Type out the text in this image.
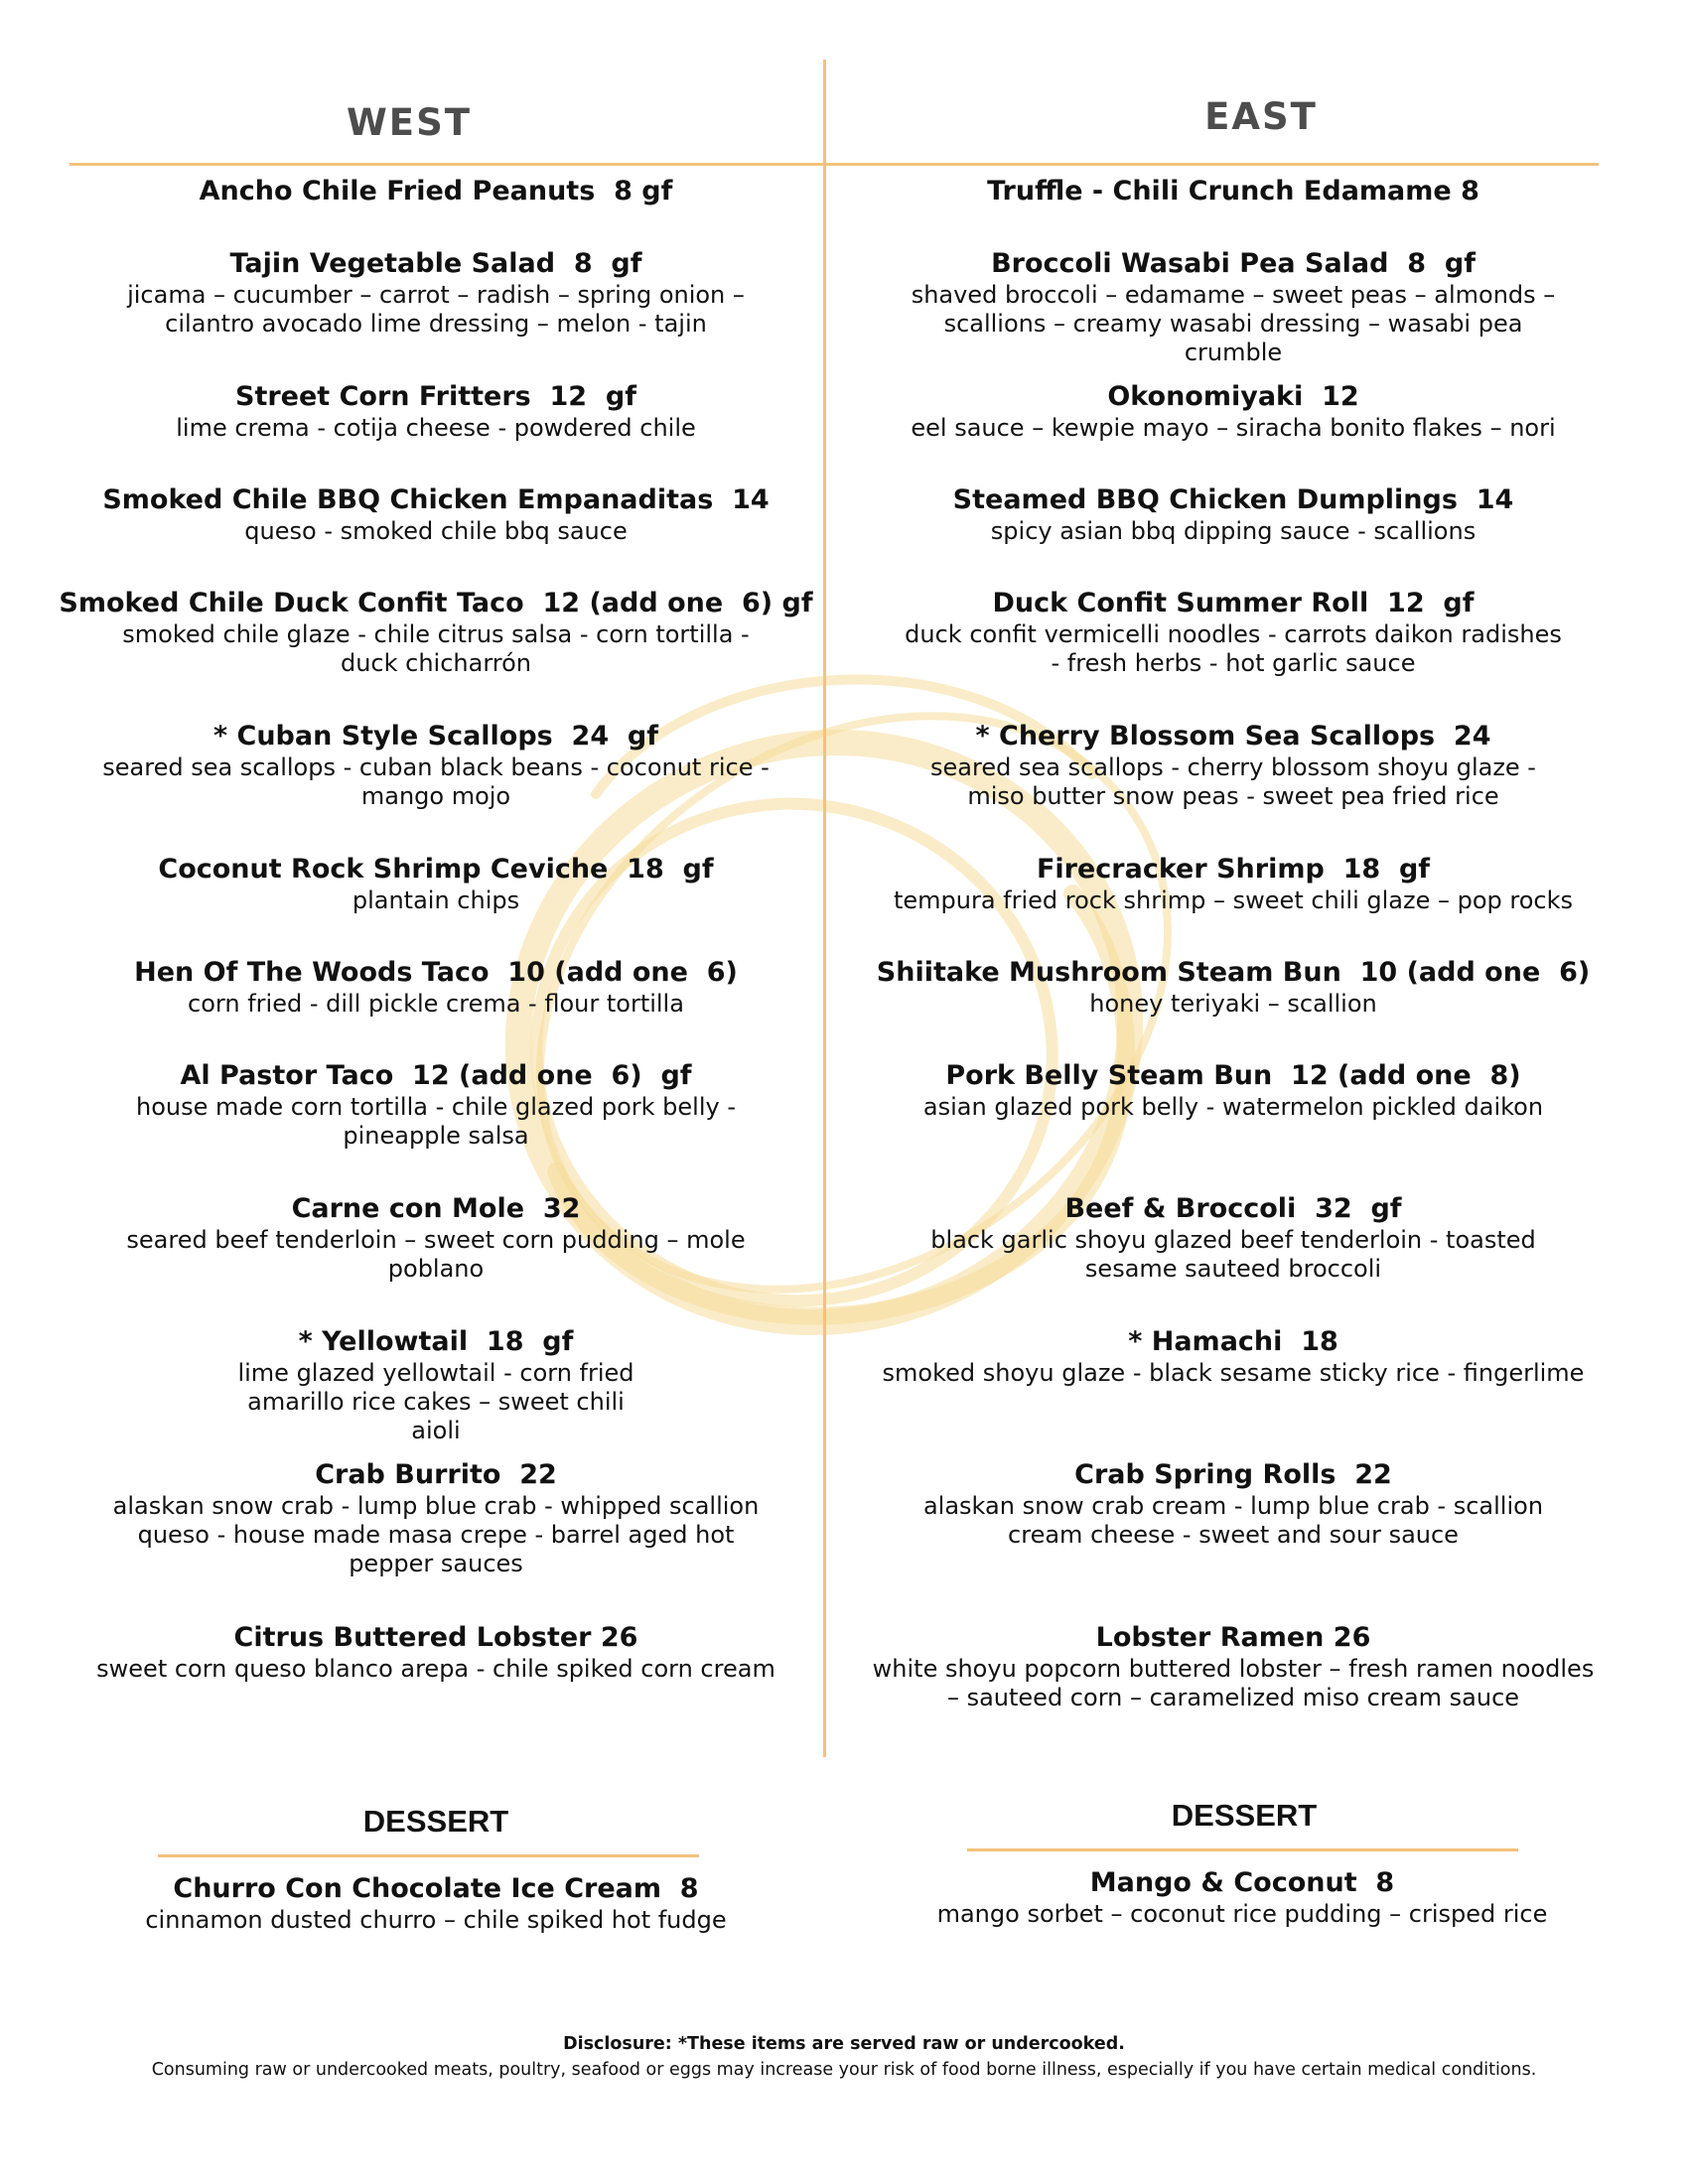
WEST	EAST
Ancho Chile Fried Peanuts  8 gf
Tajin Vegetable Salad  8  gf
jicama – cucumber – carrot – radish – spring onion – cilantro avocado lime dressing – melon - tajin
Street Corn Fritters  12  gf
lime crema - cotija cheese - powdered chile
Smoked Chile BBQ Chicken Empanaditas  14
queso - smoked chile bbq sauce
Smoked Chile Duck Confit Taco  12 (add one  6) gf
smoked chile glaze - chile citrus salsa - corn tortilla - duck chicharrón
* Cuban Style Scallops  24  gf
seared sea scallops - cuban black beans - coconut rice - mango mojo
Coconut Rock Shrimp Ceviche  18  gf
plantain chips
Hen Of The Woods Taco  10 (add one  6)
corn fried - dill pickle crema - flour tortilla
Al Pastor Taco  12 (add one  6)  gf
house made corn tortilla - chile glazed pork belly - pineapple salsa
Carne con Mole  32
seared beef tenderloin – sweet corn pudding – mole poblano
* Yellowtail  18  gf
lime glazed yellowtail - corn fried amarillo rice cakes – sweet chili aioli
Crab Burrito  22
alaskan snow crab - lump blue crab - whipped scallion queso - house made masa crepe - barrel aged hot pepper sauces
Citrus Buttered Lobster 26
sweet corn queso blanco arepa - chile spiked corn cream
Truffle - Chili Crunch Edamame 8
Broccoli Wasabi Pea Salad  8  gf
shaved broccoli – edamame – sweet peas – almonds – scallions – creamy wasabi dressing – wasabi pea crumble
Okonomiyaki  12
eel sauce – kewpie mayo – siracha bonito flakes – nori
Steamed BBQ Chicken Dumplings  14
spicy asian bbq dipping sauce - scallions
Duck Confit Summer Roll  12  gf
duck confit vermicelli noodles - carrots daikon radishes - fresh herbs - hot garlic sauce
* Cherry Blossom Sea Scallops  24
seared sea scallops - cherry blossom shoyu glaze - miso butter snow peas - sweet pea fried rice
Firecracker Shrimp  18  gf
tempura fried rock shrimp – sweet chili glaze – pop rocks
Shiitake Mushroom Steam Bun  10 (add one  6)
honey teriyaki – scallion
Pork Belly Steam Bun  12 (add one  8)
asian glazed pork belly - watermelon pickled daikon
Beef & Broccoli  32  gf
black garlic shoyu glazed beef tenderloin - toasted sesame sauteed broccoli
* Hamachi  18
smoked shoyu glaze - black sesame sticky rice - fingerlime
Crab Spring Rolls  22
alaskan snow crab cream - lump blue crab - scallion cream cheese - sweet and sour sauce
Lobster Ramen 26
white shoyu popcorn buttered lobster – fresh ramen noodles – sauteed corn – caramelized miso cream sauce
DESSERT
Churro Con Chocolate Ice Cream  8
cinnamon dusted churro – chile spiked hot fudge
DESSERT
Mango & Coconut  8
mango sorbet – coconut rice pudding – crisped rice
Disclosure: *These items are served raw or undercooked.
Consuming raw or undercooked meats, poultry, seafood or eggs may increase your risk of food borne illness, especially if you have certain medical conditions.
